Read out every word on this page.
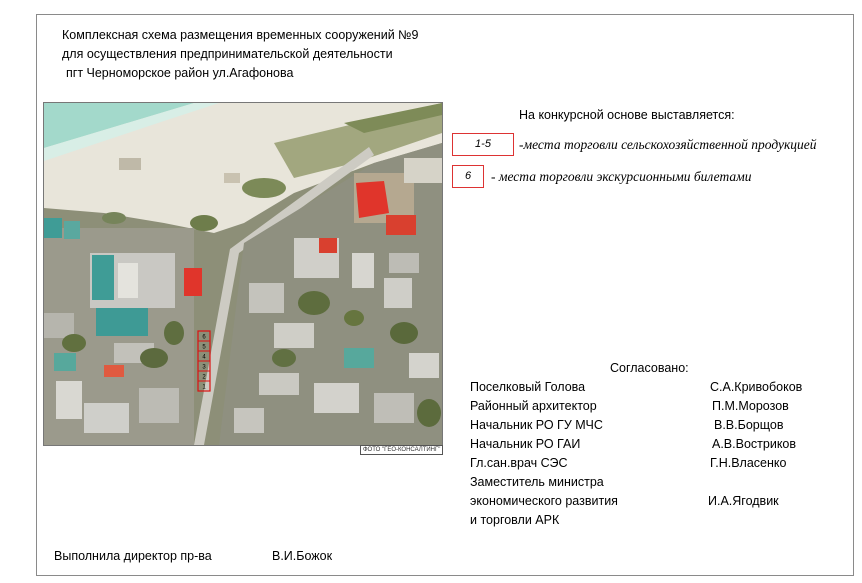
Комплексная схема размещения временных сооружений №9
для осуществления предпринимательской деятельности
пгт Черноморское район ул.Агафонова
6
5
4
3
2
1
ФОТО "ГЕО-КОНСАЛТИНГ"
На конкурсной основе выставляется:
1-5	-места торговли сельскохозяйственной продукцией
6	- места торговли экскурсионными билетами
Согласовано:
Поселковый Голова	С.А.Кривобоков
Районный архитектор	П.М.Морозов
Начальник РО ГУ МЧС	В.В.Борщов
Начальник РО ГАИ	А.В.Востриков
Гл.сан.врач СЭС	Г.Н.Власенко
Заместитель министра
экономического развития	И.А.Ягодвик
и торговли АРК
Выполнила директор пр-ва	В.И.Божок
